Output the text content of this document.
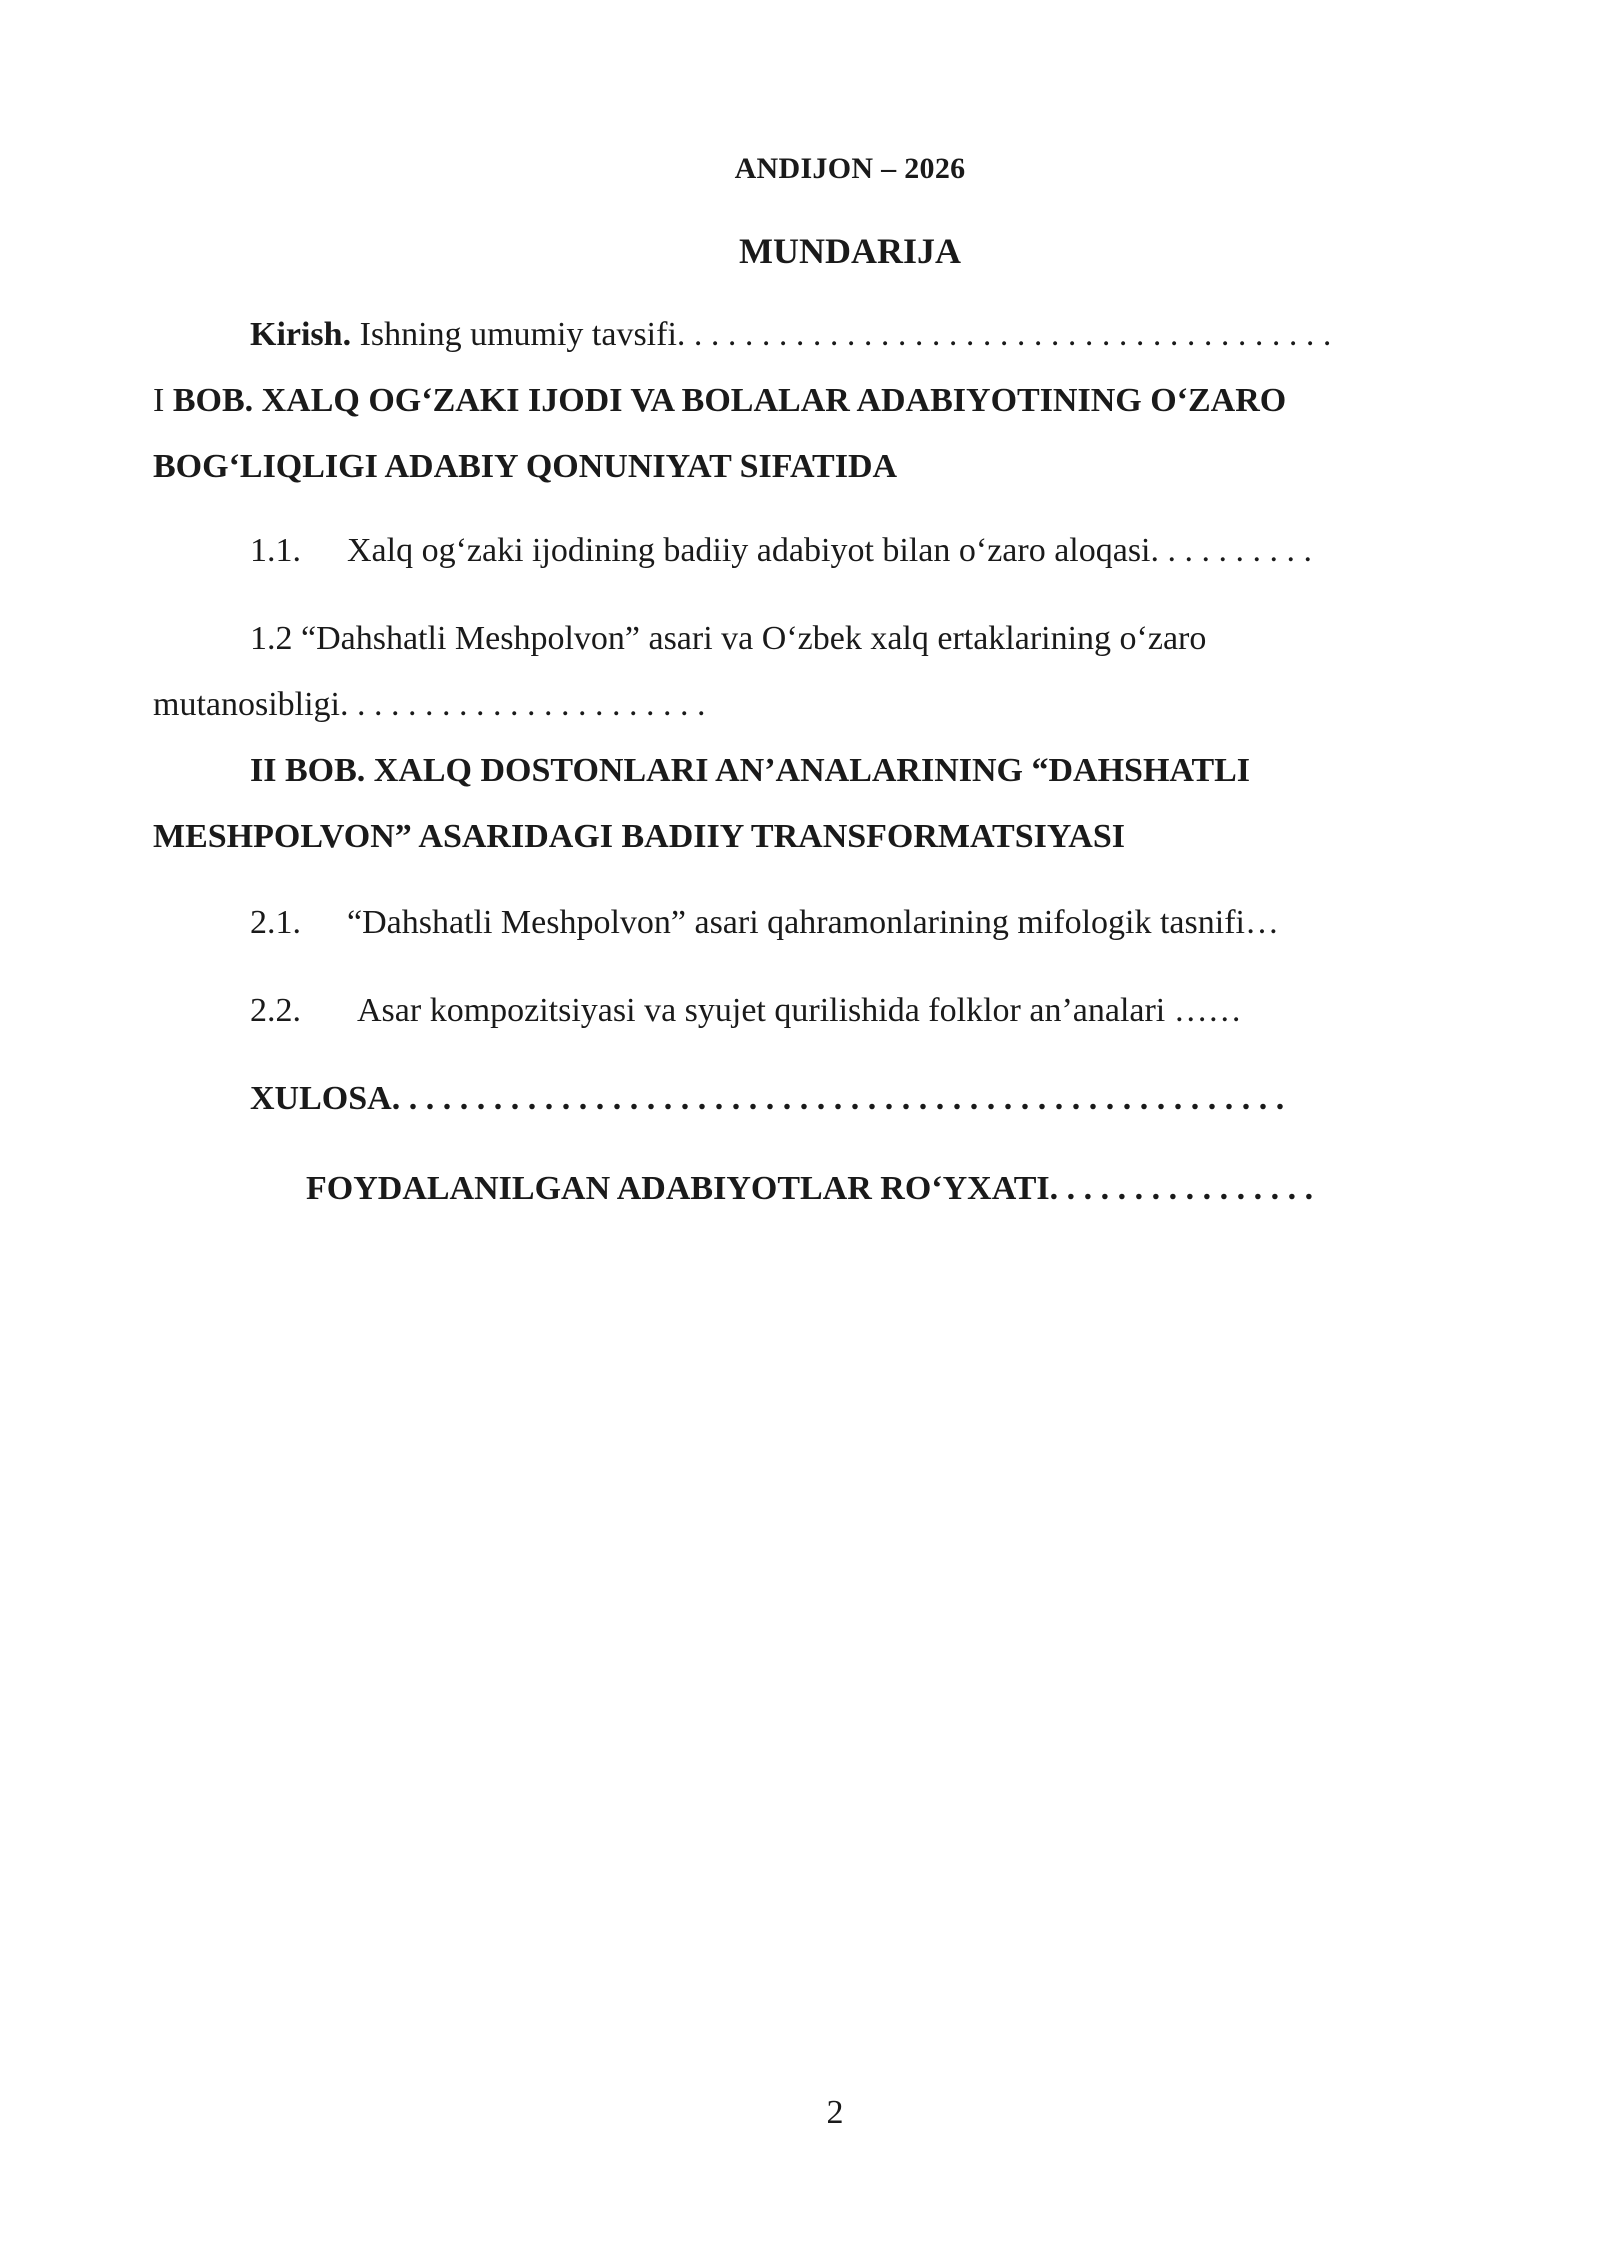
ANDIJON – 2026
MUNDARIJA
Kirish. Ishning umumiy tavsifi. . . . . . . . . . . . . . . . . . . . . . . . . . . . . . . . . . . . . . .
I BOB. XALQ OG‘ZAKI IJODI VA BOLALAR ADABIYOTINING O‘ZARO
BOG‘LIQLIGI ADABIY QONUNIYAT SIFATIDA
1.1. Xalq og‘zaki ijodining badiiy adabiyot bilan o‘zaro aloqasi. . . . . . . . . .
1.2 “Dahshatli Meshpolvon” asari va O‘zbek xalq ertaklarining o‘zaro
mutanosibligi. . . . . . . . . . . . . . . . . . . . . .
II BOB. XALQ DOSTONLARI AN’ANALARINING “DAHSHATLI
MESHPOLVON” ASARIDAGI BADIIY TRANSFORMATSIYASI
2.1. “Dahshatli Meshpolvon” asari qahramonlarining mifologik tasnifi…
2.2. Asar kompozitsiyasi va syujet qurilishida folklor an’analari ……
XULOSA. . . . . . . . . . . . . . . . . . . . . . . . . . . . . . . . . . . . . . . . . . . . . . . . . . . . .
FOYDALANILGAN ADABIYOTLAR RO‘YXATI. . . . . . . . . . . . . . . .
2
